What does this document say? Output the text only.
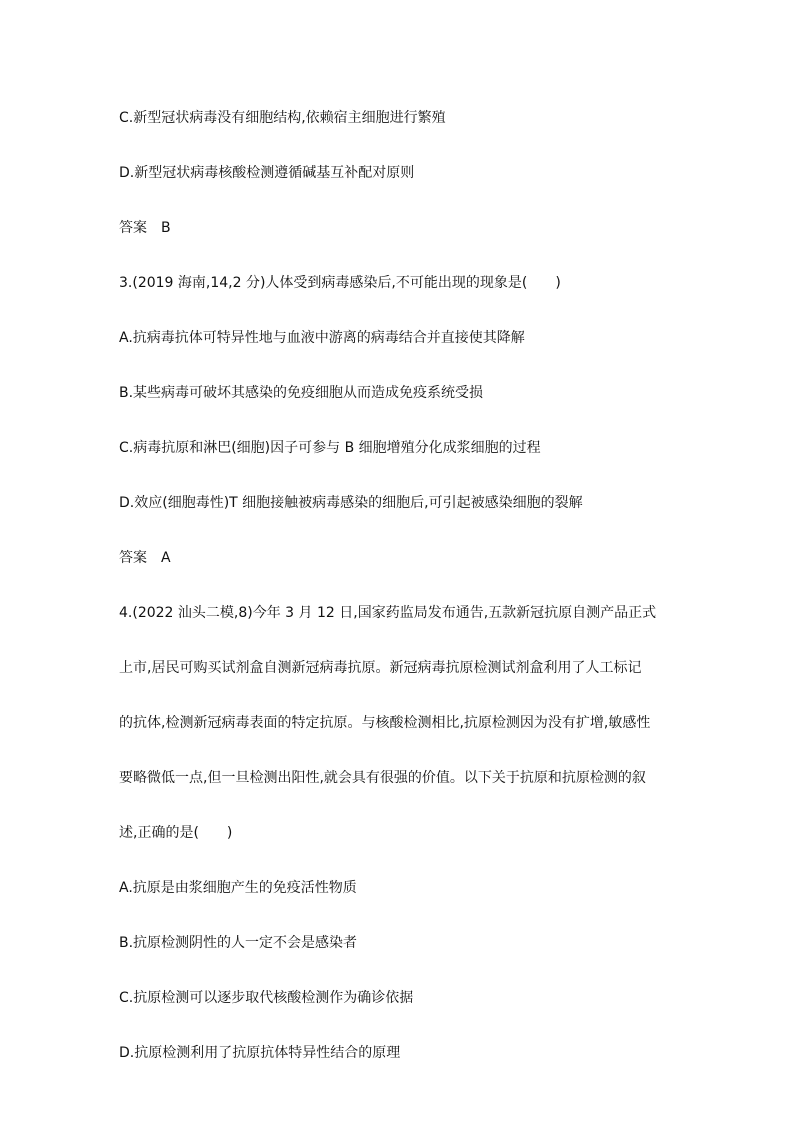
C.新型冠状病毒没有细胞结构,依赖宿主细胞进行繁殖
D.新型冠状病毒核酸检测遵循碱基互补配对原则
答案 B
3.(2019 海南,14,2 分)人体受到病毒感染后,不可能出现的现象是(　　)
A.抗病毒抗体可特异性地与血液中游离的病毒结合并直接使其降解
B.某些病毒可破坏其感染的免疫细胞从而造成免疫系统受损
C.病毒抗原和淋巴(细胞)因子可参与 B 细胞增殖分化成浆细胞的过程
D.效应(细胞毒性)T 细胞接触被病毒感染的细胞后,可引起被感染细胞的裂解
答案 A
4.(2022 汕头二模,8)今年 3 月 12 日,国家药监局发布通告,五款新冠抗原自测产品正式
上市,居民可购买试剂盒自测新冠病毒抗原。新冠病毒抗原检测试剂盒利用了人工标记
的抗体,检测新冠病毒表面的特定抗原。与核酸检测相比,抗原检测因为没有扩增,敏感性
要略微低一点,但一旦检测出阳性,就会具有很强的价值。以下关于抗原和抗原检测的叙
述,正确的是(　　)
A.抗原是由浆细胞产生的免疫活性物质
B.抗原检测阴性的人一定不会是感染者
C.抗原检测可以逐步取代核酸检测作为确诊依据
D.抗原检测利用了抗原抗体特异性结合的原理
